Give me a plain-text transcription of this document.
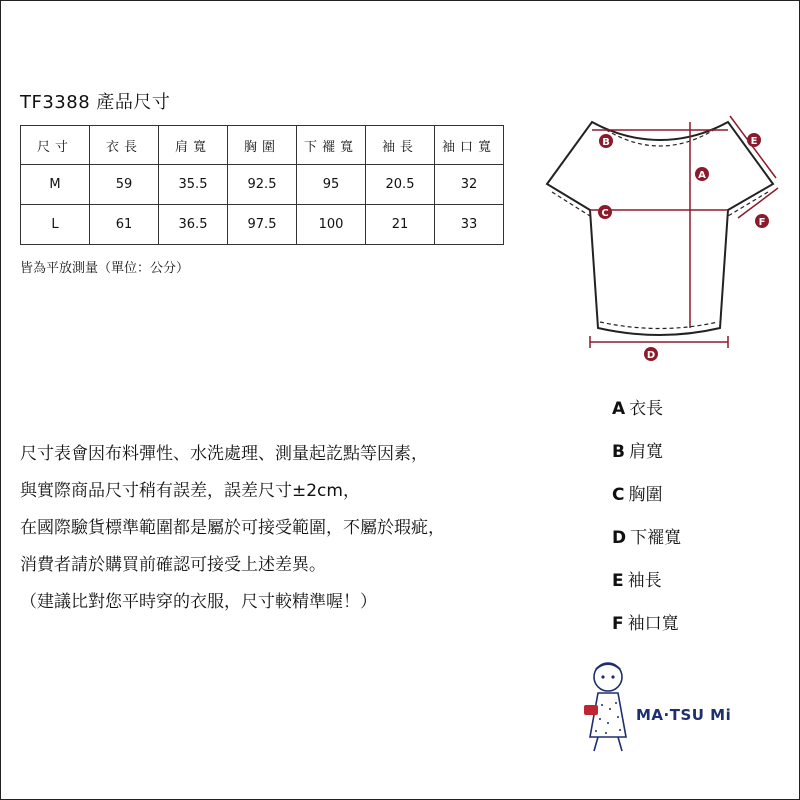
TF3388 產品尺寸
尺寸	衣長	肩寬	胸圍	下襬寬	袖長	袖口寬
M	59	35.5	92.5	95	20.5	32
L	61	36.5	97.5	100	21	33
皆為平放測量（單位：公分）
B
A
C
D
E
F
尺寸表會因布料彈性、水洗處理、測量起訖點等因素，
與實際商品尺寸稍有誤差，誤差尺寸±2cm，
在國際驗貨標準範圍都是屬於可接受範圍，不屬於瑕疵，
消費者請於購買前確認可接受上述差異。
（建議比對您平時穿的衣服，尺寸較精準喔！）
A 衣長
B 肩寬
C 胸圍
D 下襬寬
E 袖長
F 袖口寬
MA·TSU Mi
